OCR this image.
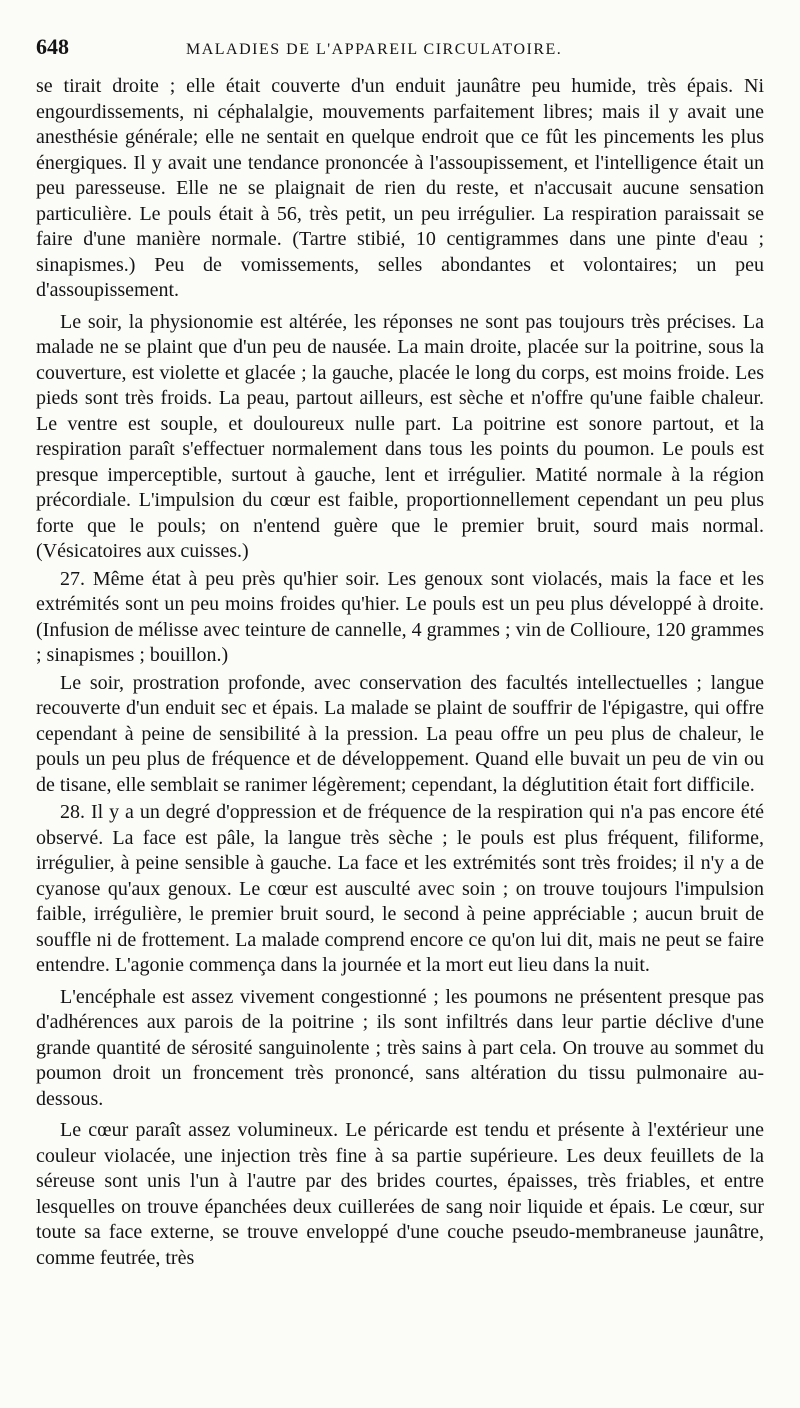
648	MALADIES DE L'APPAREIL CIRCULATOIRE.

se tirait droite ; elle était couverte d'un enduit jaunâtre peu humide, très épais. Ni engourdissements, ni céphalalgie, mouvements parfaitement libres; mais il y avait une anesthésie générale; elle ne sentait en quelque endroit que ce fût les pincements les plus énergiques. Il y avait une tendance prononcée à l'assoupissement, et l'intelligence était un peu paresseuse. Elle ne se plaignait de rien du reste, et n'accusait aucune sensation particulière. Le pouls était à 56, très petit, un peu irrégulier. La respiration paraissait se faire d'une manière normale. (Tartre stibié, 10 centigrammes dans une pinte d'eau ; sinapismes.) Peu de vomissements, selles abondantes et volontaires; un peu d'assoupissement.

Le soir, la physionomie est altérée, les réponses ne sont pas toujours très précises. La malade ne se plaint que d'un peu de nausée. La main droite, placée sur la poitrine, sous la couverture, est violette et glacée ; la gauche, placée le long du corps, est moins froide. Les pieds sont très froids. La peau, partout ailleurs, est sèche et n'offre qu'une faible chaleur. Le ventre est souple, et douloureux nulle part. La poitrine est sonore partout, et la respiration paraît s'effectuer normalement dans tous les points du poumon. Le pouls est presque imperceptible, surtout à gauche, lent et irrégulier. Matité normale à la région précordiale. L'impulsion du cœur est faible, proportionnellement cependant un peu plus forte que le pouls; on n'entend guère que le premier bruit, sourd mais normal. (Vésicatoires aux cuisses.)

27. Même état à peu près qu'hier soir. Les genoux sont violacés, mais la face et les extrémités sont un peu moins froides qu'hier. Le pouls est un peu plus développé à droite. (Infusion de mélisse avec teinture de cannelle, 4 grammes ; vin de Collioure, 120 grammes ; sinapismes ; bouillon.)

Le soir, prostration profonde, avec conservation des facultés intellectuelles ; langue recouverte d'un enduit sec et épais. La malade se plaint de souffrir de l'épigastre, qui offre cependant à peine de sensibilité à la pression. La peau offre un peu plus de chaleur, le pouls un peu plus de fréquence et de développement. Quand elle buvait un peu de vin ou de tisane, elle semblait se ranimer légèrement; cependant, la déglutition était fort difficile.

28. Il y a un degré d'oppression et de fréquence de la respiration qui n'a pas encore été observé. La face est pâle, la langue très sèche ; le pouls est plus fréquent, filiforme, irrégulier, à peine sensible à gauche. La face et les extrémités sont très froides; il n'y a de cyanose qu'aux genoux. Le cœur est ausculté avec soin ; on trouve toujours l'impulsion faible, irrégulière, le premier bruit sourd, le second à peine appréciable ; aucun bruit de souffle ni de frottement. La malade comprend encore ce qu'on lui dit, mais ne peut se faire entendre. L'agonie commença dans la journée et la mort eut lieu dans la nuit.

L'encéphale est assez vivement congestionné ; les poumons ne présentent presque pas d'adhérences aux parois de la poitrine ; ils sont infiltrés dans leur partie déclive d'une grande quantité de sérosité sanguinolente ; très sains à part cela. On trouve au sommet du poumon droit un froncement très prononcé, sans altération du tissu pulmonaire au-dessous.

Le cœur paraît assez volumineux. Le péricarde est tendu et présente à l'extérieur une couleur violacée, une injection très fine à sa partie supérieure. Les deux feuillets de la séreuse sont unis l'un à l'autre par des brides courtes, épaisses, très friables, et entre lesquelles on trouve épanchées deux cuillerées de sang noir liquide et épais. Le cœur, sur toute sa face externe, se trouve enveloppé d'une couche pseudo-membraneuse jaunâtre, comme feutrée, très
